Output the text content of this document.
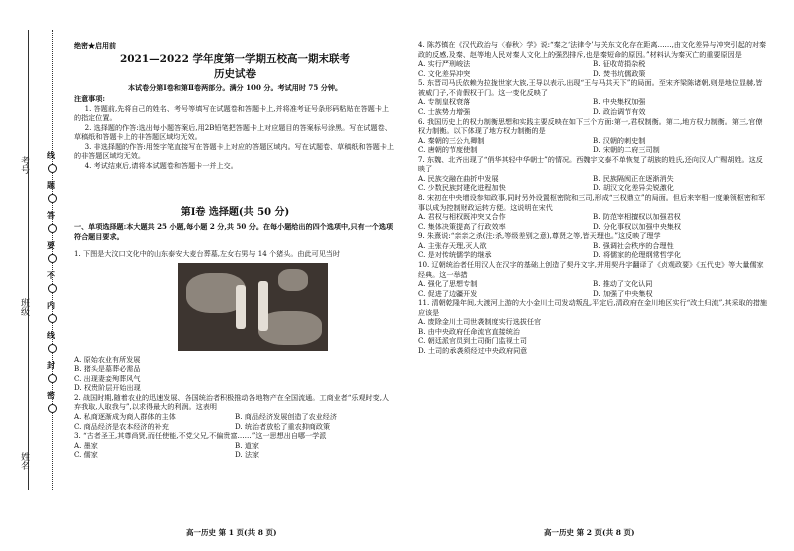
考号
班级
姓名
线
题
答
要
不
内
线
封
密

绝密★启用前

2021—2022 学年度第一学期五校高一期末联考

历史试卷

本试卷分第Ⅰ卷和第Ⅱ卷两部分。满分 100 分。考试用时 75 分钟。

注意事项:

1. 答题前,先将自己的姓名、考号等填写在试题卷和答题卡上,并将准考证号条形码粘贴在答题卡上的指定位置。

2. 选择题的作答:选出每小题答案后,用2B铅笔把答题卡上对应题目的答案标号涂黑。写在试题卷、草稿纸和答题卡上的非答题区域均无效。

3. 非选择题的作答:用签字笔直接写在答题卡上对应的答题区域内。写在试题卷、草稿纸和答题卡上的非答题区域均无效。

4. 考试结束后,请将本试题卷和答题卡一并上交。

第Ⅰ卷 选择题(共 50 分)

一、单项选择题:本大题共 25 小题,每小题 2 分,共 50 分。在每小题给出的四个选项中,只有一个选项符合题目要求。

1. 下图是大汶口文化中的山东泰安大麦台葬墓,左女右男与 14 个猪头。由此可见当时

A. 原始农业有所发展
B. 猪头是墓葬必需品
C. 出现妻妾殉葬风气
D. 权贵阶层开始出现

2. 战国时期,随着农业的迅速发展、各国统治者积极推动各地物产在全国流通。工商业者“乐观时变,人弃我取,人取我与”,以求得最大的利润。这表明

A. 私商逐渐成为商人群体的主体	B. 商品经济发展创造了农业经济
C. 商品经济是农本经济的补充	D. 统治者放松了重农抑商政策

3. “古者圣王,其尊尚贤,而任使能,不党父兄,不偏贵富……”这一思想出自哪一学派

A. 墨家	B. 道家
C. 儒家	D. 法家

4. 陈苏镇在《汉代政治与〈春秋〉学》说:“秦之‘法律令’与关东文化存在距离……,由文化差异与冲突引起的对秦政的反感,及秦、赵等地人民对秦人文化上的强烈排斥,也是秦短命的原因。”材料认为秦灭亡的重要原因是

A. 实行严刑峻法	B. 征收苛捐杂税
C. 文化差异冲突	D. 焚书坑儒政策

5. 东晋司马氏依赖为拉拢世家大族,王导以表示,出现“王与马共天下”的局面。至宋齐梁陈诸朝,则是地位显赫,皆被威门子,不肯假权于门。这一变化反映了

A. 专制皇权衰落	B. 中央集权加强
C. 士族势力增强	D. 政治调节有效

6. 我国历史上的权力制衡思想和实践主要反映在如下三个方面:第一,君权制衡。第二,地方权力制衡。第三,官僚权力制衡。以下体现了地方权力制衡的是

A. 秦朝的三公九卿制	B. 汉朝的刺史制
C. 唐朝的节度使制	D. 宋朝的二府三司制

7. 东魏、北齐出现了“俏华其轻中华朝士”的情况。西魏宇文泰不单恢复了胡族的姓氏,还向汉人广赐胡姓。这反映了

A. 民族交融在曲折中发展	B. 民族隔阂正在逐渐消失
C. 少数民族封建化进程加快	D. 胡汉文化差异尖锐激化

8. 宋初在中央增设参知政事,同时另外设置枢密院和三司,形成“三权鼎立”的局面。但后来宰相一度兼领枢密和军事以成为控制财政运转方便。这说明在宋代

A. 君权与相权既冲突又合作	B. 防范宰相擅权以加强君权
C. 集体决策提高了行政效率	D. 分化事权以加强中央集权

9. 朱熹说:“亲亲之杀(注:杀,等级差别之意),尊贤之等,皆天理也。”这反映了理学

A. 主张存天理,灭人欲	B. 强调社会秩序的合理性
C. 是对传统儒学的继承	D. 将儒家的伦理纲常哲学化

10. 辽朝统治者任用汉人在汉字的基础上创造了契丹文字,并用契丹字翻译了《贞观政要》《五代史》等大量儒家经典。这一举措

A. 强化了思想专制	B. 推动了文化认同
C. 促进了边疆开发	D. 加强了中央集权

11. 清朝乾隆年间,大渡河上游的大小金川土司发动叛乱,平定后,清政府在金川地区实行“改土归流”,其采取的措施应该是

A. 废除金川土司世袭制度实行选拔任官
B. 由中央政府任命流官直接统治
C. 朝廷派官员到土司衙门监视土司
D. 土司的承袭须经过中央政府同意
高一历史 第 1 页(共 8 页)	高一历史 第 2 页(共 8 页)
